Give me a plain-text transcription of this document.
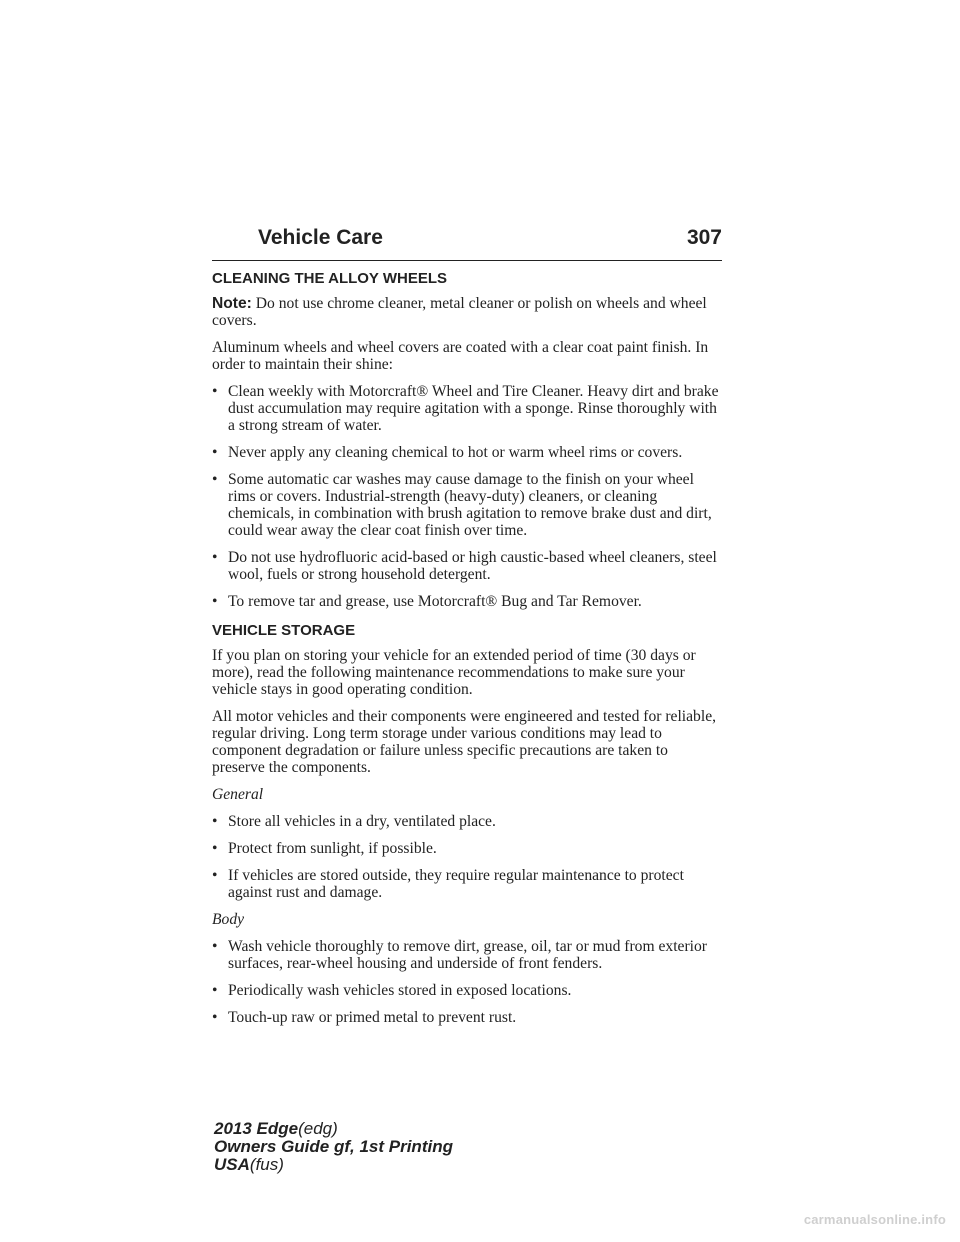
Vehicle Care	307
CLEANING THE ALLOY WHEELS

Note: Do not use chrome cleaner, metal cleaner or polish on wheels and wheel covers.

Aluminum wheels and wheel covers are coated with a clear coat paint finish. In order to maintain their shine:

• Clean weekly with Motorcraft® Wheel and Tire Cleaner. Heavy dirt and brake dust accumulation may require agitation with a sponge. Rinse thoroughly with a strong stream of water.
• Never apply any cleaning chemical to hot or warm wheel rims or covers.
• Some automatic car washes may cause damage to the finish on your wheel rims or covers. Industrial-strength (heavy-duty) cleaners, or cleaning chemicals, in combination with brush agitation to remove brake dust and dirt, could wear away the clear coat finish over time.
• Do not use hydrofluoric acid-based or high caustic-based wheel cleaners, steel wool, fuels or strong household detergent.
• To remove tar and grease, use Motorcraft® Bug and Tar Remover.
VEHICLE STORAGE

If you plan on storing your vehicle for an extended period of time (30 days or more), read the following maintenance recommendations to make sure your vehicle stays in good operating condition.

All motor vehicles and their components were engineered and tested for reliable, regular driving. Long term storage under various conditions may lead to component degradation or failure unless specific precautions are taken to preserve the components.

General
• Store all vehicles in a dry, ventilated place.
• Protect from sunlight, if possible.
• If vehicles are stored outside, they require regular maintenance to protect against rust and damage.
Body
• Wash vehicle thoroughly to remove dirt, grease, oil, tar or mud from exterior surfaces, rear-wheel housing and underside of front fenders.
• Periodically wash vehicles stored in exposed locations.
• Touch-up raw or primed metal to prevent rust.
2013 Edge(edg)
Owners Guide gf, 1st Printing
USA(fus)
carmanualsonline.info
